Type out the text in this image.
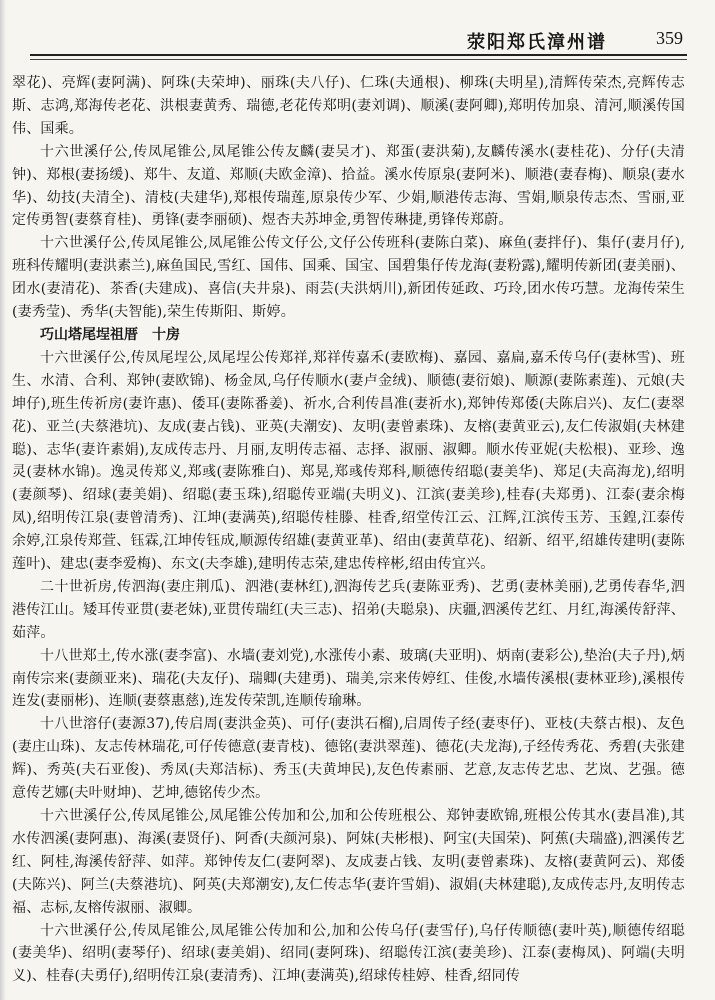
荥阳郑氏漳州谱	359

翠花)、亮辉(妻阿满)、阿珠(夫荣坤)、丽珠(夫八仔)、仁珠(夫通根)、柳珠(夫明星),清辉传荣杰,亮辉传志斯、志鸿,郑海传老花、洪根妻黄秀、瑞德,老花传郑明(妻刘调)、顺溪(妻阿卿),郑明传加泉、清河,顺溪传国伟、国乘。

十六世溪仔公,传凤尾锥公,凤尾锥公传友麟(妻吴才)、郑蛋(妻洪菊),友麟传溪水(妻桂花)、分仔(夫清钟)、郑根(妻扬缓)、郑牛、友道、郑顺(夫欧金漳)、拾益。溪水传原泉(妻阿米)、顺港(妻春梅)、顺泉(妻水华)、幼技(夫清全)、清枝(夫建华),郑根传瑞莲,原泉传少军、少娟,顺港传志海、雪娟,顺泉传志杰、雪丽,亚定传勇智(妻蔡育桂)、勇锋(妻李丽硕)、煜杏夫苏坤金,勇智传琳捷,勇锋传郑蔚。

十六世溪仔公,传凤尾锥公,凤尾锥公传文仔公,文仔公传班科(妻陈白菜)、麻鱼(妻拌仔)、集仔(妻月仔),班科传耀明(妻洪素兰),麻鱼国民,雪红、国伟、国乘、国宝、国碧集仔传龙海(妻粉露),耀明传新团(妻美丽)、团水(妻清花)、茶香(夫建成)、喜信(夫井泉)、雨芸(夫洪炳川),新团传延政、巧玲,团水传巧慧。龙海传荣生(妻秀莹)、秀华(夫智能),荣生传斯阳、斯婷。

巧山塔尾埕祖厝　十房

十六世溪仔公,传凤尾埕公,凤尾埕公传郑祥,郑祥传嘉禾(妻欧梅)、嘉园、嘉扁,嘉禾传乌仔(妻林雪)、班生、水清、合利、郑钟(妻欧锦)、杨金凤,乌仔传顺水(妻卢金绒)、顺德(妻衍娘)、顺源(妻陈素莲)、元娘(夫坤仔),班生传祈房(妻许惠)、倭耳(妻陈番姜)、祈水,合利传昌准(妻祈水),郑钟传郑倭(夫陈启兴)、友仁(妻翠花)、亚兰(夫蔡港坑)、友成(妻占钱)、亚英(夫潮安)、友明(妻曾素珠)、友榕(妻黄亚云),友仁传淑娟(夫林建聪)、志华(妻许素娟),友成传志丹、月丽,友明传志福、志择、淑丽、淑卿。顺水传亚妮(夫松根)、亚珍、逸灵(妻林水锦)。逸灵传郑义,郑彧(妻陈雅白)、郑晃,郑彧传郑科,顺德传绍聪(妻美华)、郑足(夫高海龙),绍明(妻颜琴)、绍球(妻美娟)、绍聪(妻玉珠),绍聪传亚端(夫明义)、江滨(妻美珍),桂春(夫郑勇)、江泰(妻余梅凤),绍明传江泉(妻曾清秀)、江坤(妻满英),绍聪传桂滕、桂香,绍堂传江云、江辉,江滨传玉芳、玉鍠,江泰传余婷,江泉传郑萱、钰霖,江坤传钰成,顺源传绍雄(妻黄亚革)、绍由(妻黄草花)、绍新、绍平,绍雄传建明(妻陈莲叶)、建忠(妻李爱梅)、东文(夫李雄),建明传志荣,建忠传梓彬,绍由传宜兴。

二十世祈房,传泗海(妻庄荆瓜)、泗港(妻林红),泗海传艺兵(妻陈亚秀)、艺勇(妻林美丽),艺勇传春华,泗港传江山。矮耳传亚贯(妻老妹),亚贯传瑞红(夫三志)、招弟(夫聪泉)、庆疆,泗溪传艺红、月红,海溪传舒萍、茹萍。

十八世郑土,传水涨(妻李富)、水墙(妻刘党),水涨传小素、玻璃(夫亚明)、炳南(妻彩公),垫治(夫子丹),炳南传宗来(妻颜亚来)、瑞花(夫友仔)、瑞卿(夫建勇)、瑞美,宗来传婷红、佳俊,水墙传溪根(妻林亚珍),溪根传连发(妻丽彬)、连顺(妻蔡惠慈),连发传荣凯,连顺传瑜琳。

十八世溶仔(妻源37),传启周(妻洪金英)、可仔(妻洪石榴),启周传子经(妻枣仔)、亚枝(夫蔡古根)、友色(妻庄山珠)、友志传林瑞花,可仔传德意(妻青枝)、德铭(妻洪翠莲)、德花(夫龙海),子经传秀花、秀碧(夫张建辉)、秀英(夫石亚俊)、秀凤(夫郑洁标)、秀玉(夫黄坤民),友色传素丽、艺意,友志传艺忠、艺岚、艺强。德意传艺娜(夫叶财坤)、艺坤,德铭传少杰。

十六世溪仔公,传凤尾锥公,凤尾锥公传加和公,加和公传班根公、郑钟妻欧锦,班根公传其水(妻昌准),其水传泗溪(妻阿惠)、海溪(妻贤仔)、阿香(夫颜河泉)、阿妹(夫彬根)、阿宝(夫国荣)、阿蕉(夫瑞盛),泗溪传艺红、阿桂,海溪传舒萍、如萍。郑钟传友仁(妻阿翠)、友成妻占钱、友明(妻曾素珠)、友榕(妻黄阿云)、郑倭(夫陈兴)、阿兰(夫蔡港坑)、阿英(夫郑潮安),友仁传志华(妻许雪娟)、淑娟(夫林建聪),友成传志丹,友明传志福、志标,友榕传淑丽、淑卿。

十六世溪仔公,传凤尾锥公,凤尾锥公传加和公,加和公传乌仔(妻雪仔),乌仔传顺德(妻叶英),顺德传绍聪(妻美华)、绍明(妻琴仔)、绍球(妻美娟)、绍同(妻阿珠)、绍聪传江滨(妻美珍)、江泰(妻梅凤)、阿端(夫明义)、桂春(夫勇仔),绍明传江泉(妻清秀)、江坤(妻满英),绍球传桂婷、桂香,绍同传
